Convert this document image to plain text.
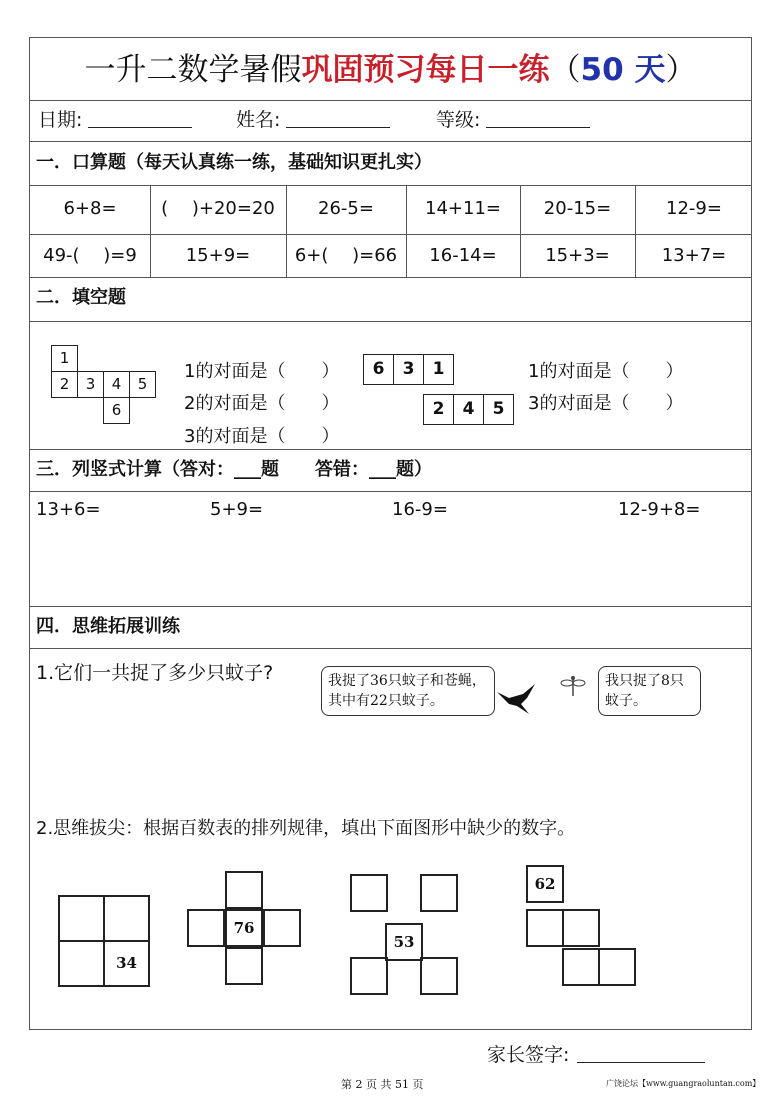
一升二数学暑假巩固预习每日一练（50 天）
日期:	姓名:	等级:
一．口算题（每天认真练一练，基础知识更扎实）
6+8=	(　 )+20=20	26-5=	14+11=	20-15=	12-9=
49-(　 )=9	15+9=	6+(　 )=66	16-14=	15+3=	13+7=
二．填空题
1
2	3	4	5
6
1的对面是（　　）
2的对面是（　　）
3的对面是（　　）
6	3	1
2	4	5
1的对面是（　　）
3的对面是（　　）
三．列竖式计算（答对：___题　　答错：___题）
13+6=	5+9=	16-9=	12-9+8=
四．思维拓展训练
1.它们一共捉了多少只蚊子?	我捉了36只蚊子和苍蝇，
其中有22只蚊子。
我只捉了8只
蚊子。
2.思维拔尖：根据百数表的排列规律，填出下面图形中缺少的数字。
34
76
53
62
家长签字:
第 2 页 共 51 页	广饶论坛【www.guangraoluntan.com】
